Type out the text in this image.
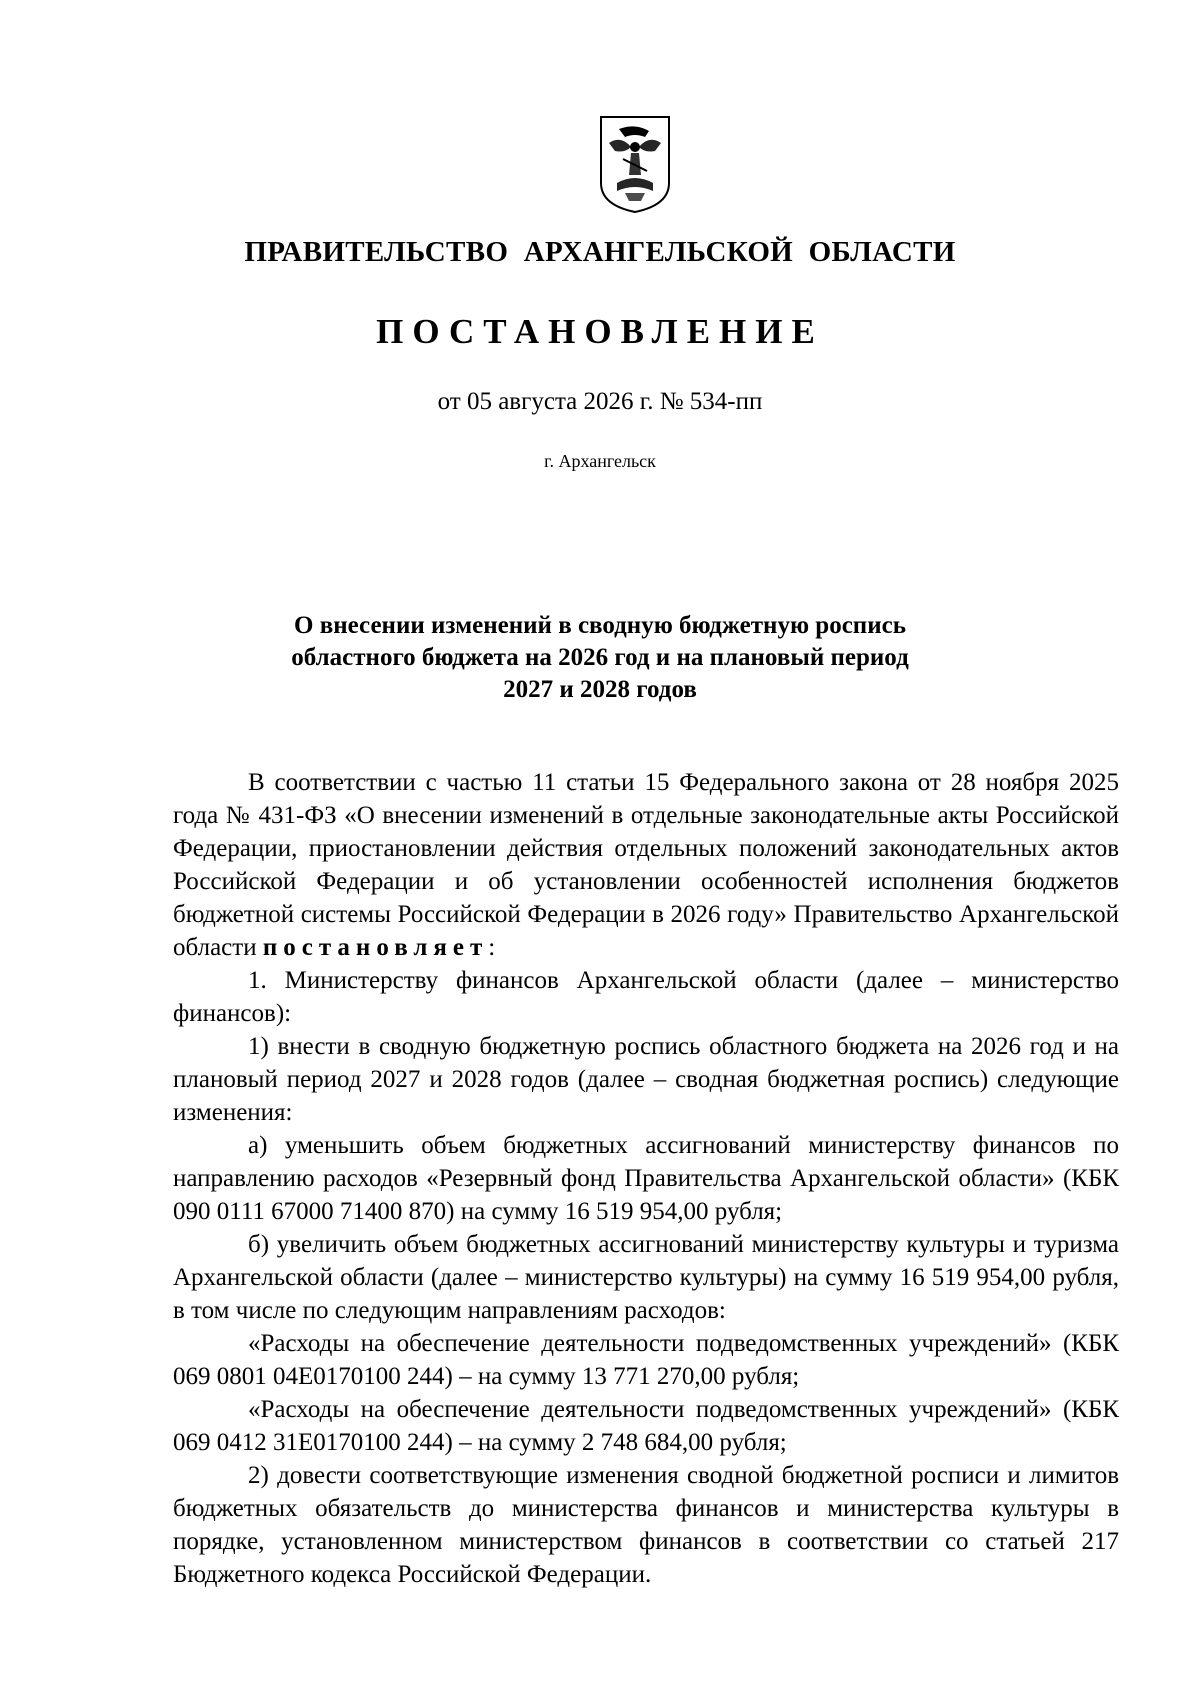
ПРАВИТЕЛЬСТВО АРХАНГЕЛЬСКОЙ ОБЛАСТИ
ПОСТАНОВЛЕНИЕ
от 05 августа 2026 г. № 534-пп
г. Архангельск
О внесении изменений в сводную бюджетную роспись
областного бюджета на 2026 год и на плановый период
2027 и 2028 годов

В соответствии с частью 11 статьи 15 Федерального закона от 28 ноября 2025 года № 431-ФЗ «О внесении изменений в отдельные законодательные акты Российской Федерации, приостановлении действия отдельных положений законодательных актов Российской Федерации и об установлении особенностей исполнения бюджетов бюджетной системы Российской Федерации в 2026 году» Правительство Архангельской области постановляет:

1. Министерству финансов Архангельской области (далее – министерство финансов):

1) внести в сводную бюджетную роспись областного бюджета на 2026 год и на плановый период 2027 и 2028 годов (далее – сводная бюджетная роспись) следующие изменения:

а) уменьшить объем бюджетных ассигнований министерству финансов по направлению расходов «Резервный фонд Правительства Архангельской области» (КБК 090 0111 67000 71400 870) на сумму 16 519 954,00 рубля;

б) увеличить объем бюджетных ассигнований министерству культуры и туризма Архангельской области (далее – министерство культуры) на сумму 16 519 954,00 рубля, в том числе по следующим направлениям расходов:

«Расходы на обеспечение деятельности подведомственных учреждений» (КБК 069 0801 04Е0170100 244) – на сумму 13 771 270,00 рубля;

«Расходы на обеспечение деятельности подведомственных учреждений» (КБК 069 0412 31Е0170100 244) – на сумму 2 748 684,00 рубля;

2) довести соответствующие изменения сводной бюджетной росписи и лимитов бюджетных обязательств до министерства финансов и министерства культуры в порядке, установленном министерством финансов в соответствии со статьей 217 Бюджетного кодекса Российской Федерации.
